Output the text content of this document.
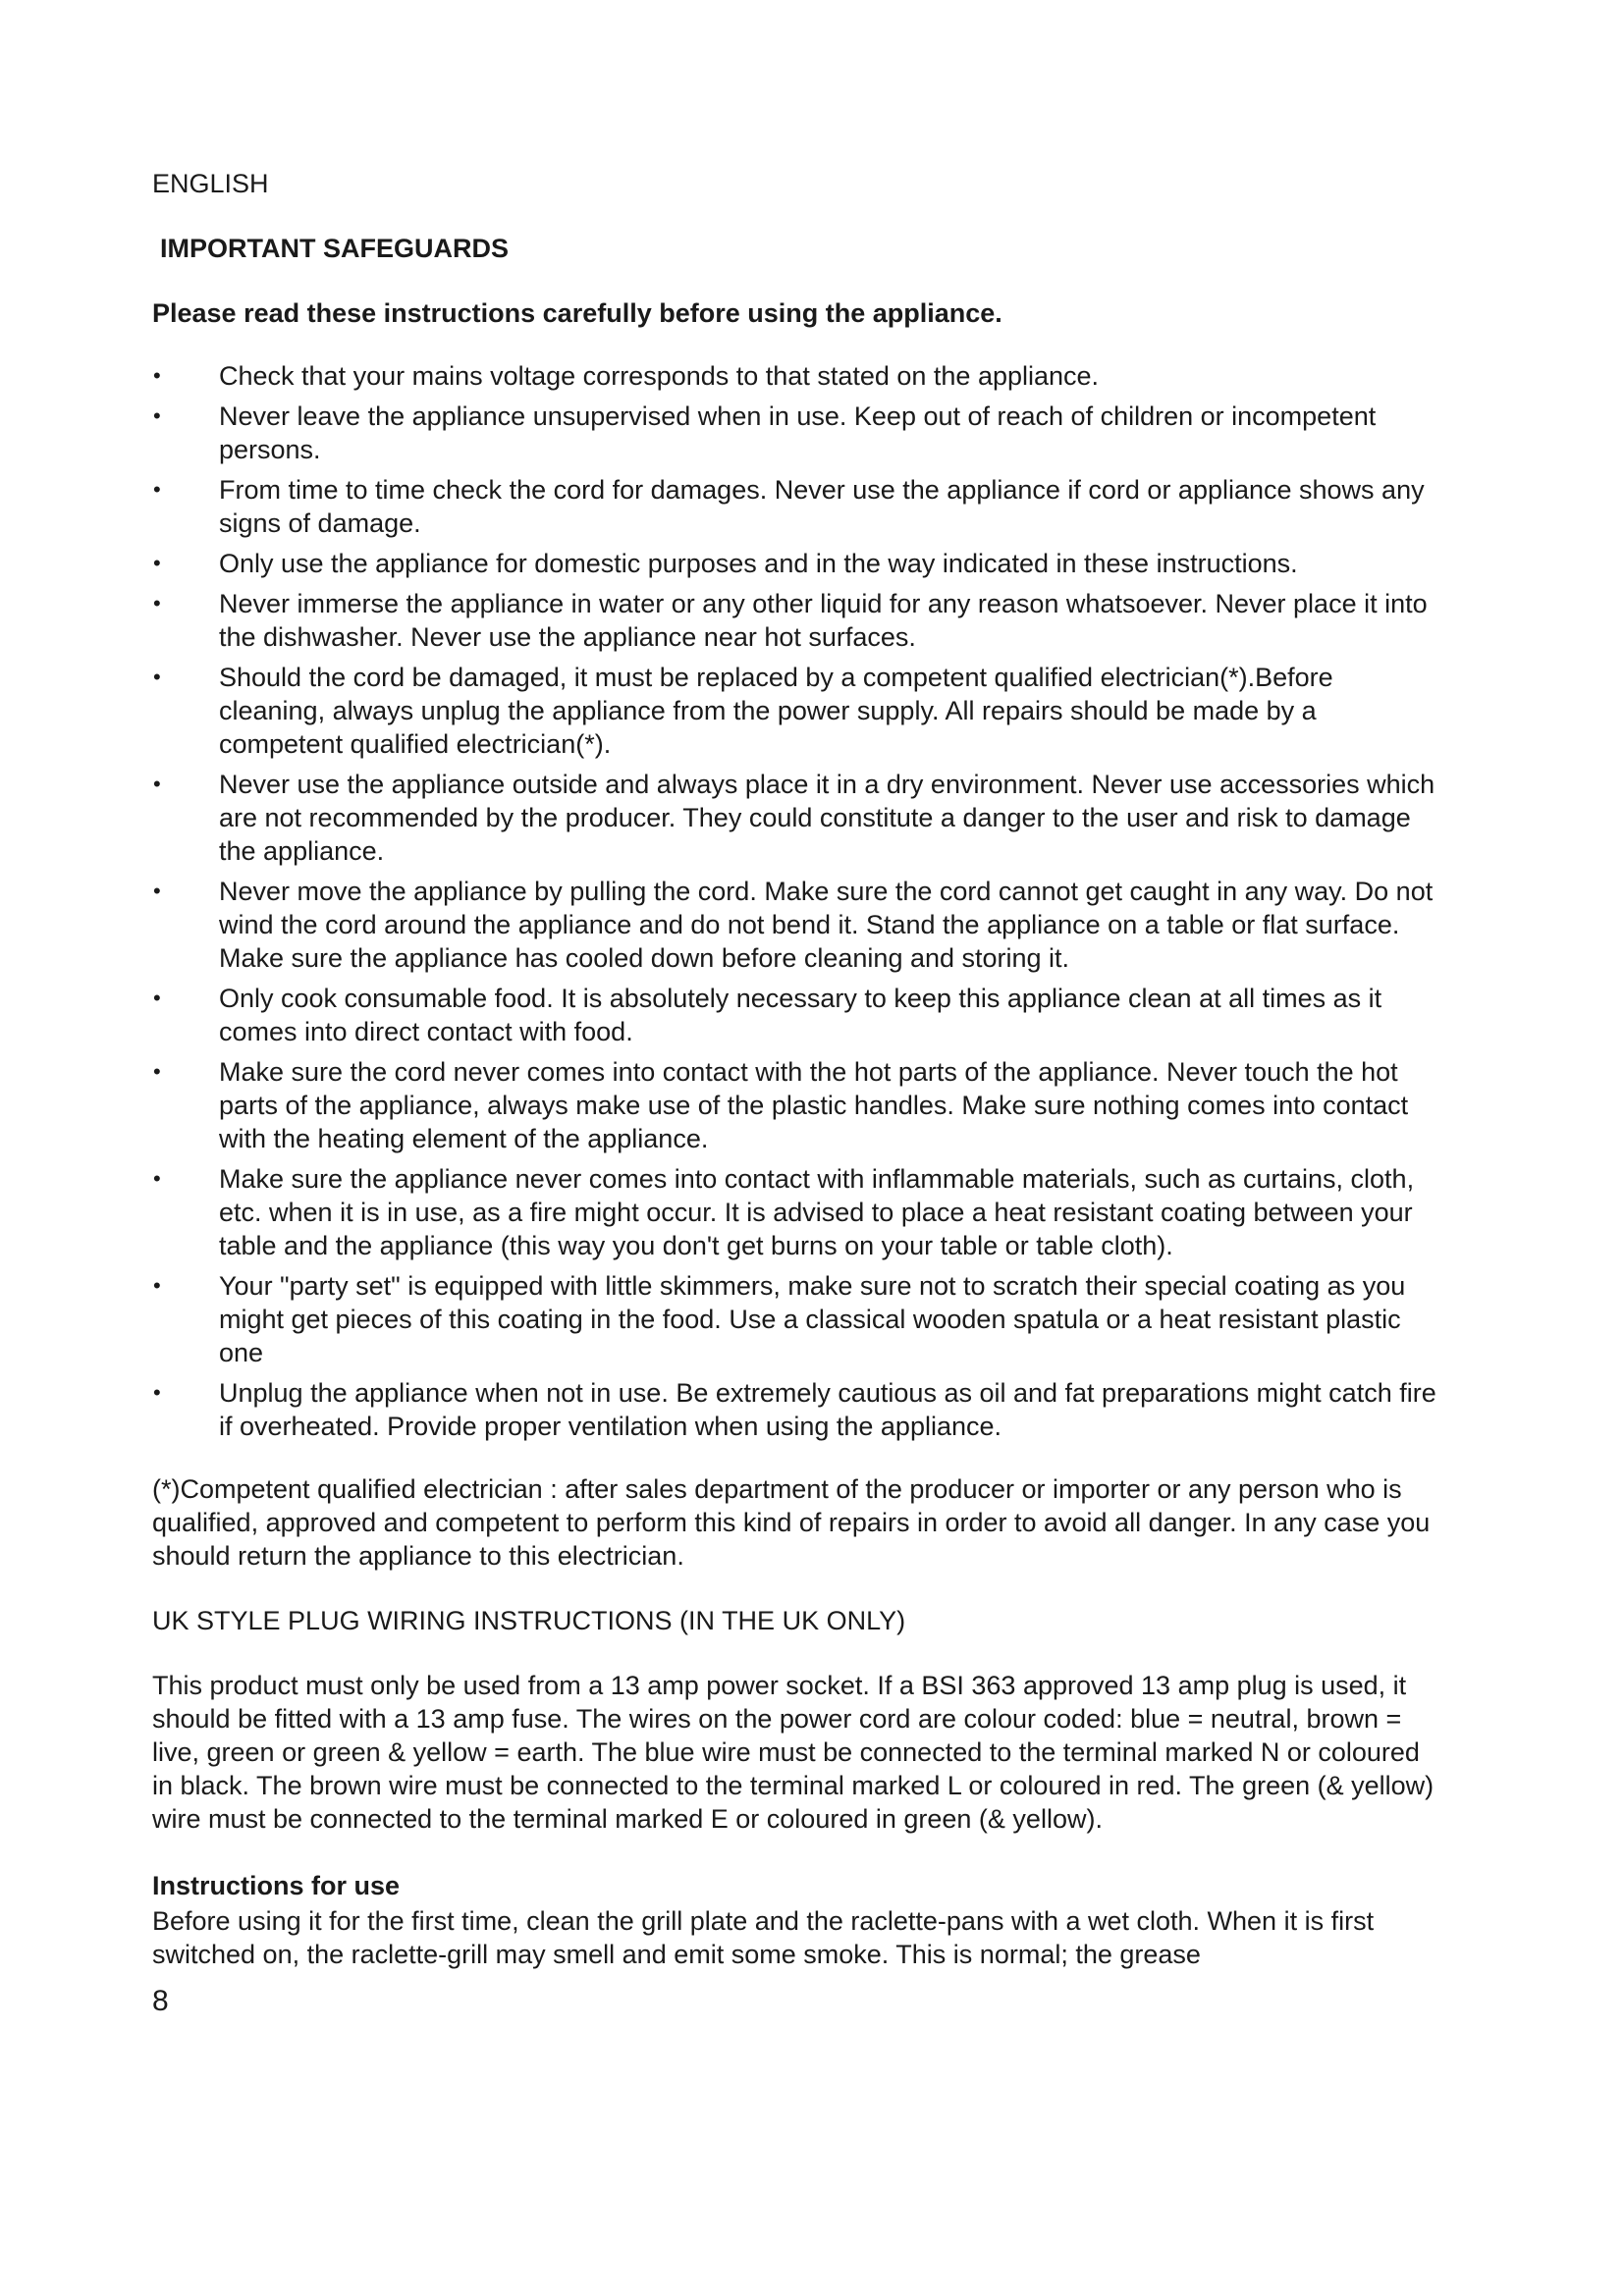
ENGLISH
IMPORTANT SAFEGUARDS
Please read these instructions carefully before using the appliance.
• Check that your mains voltage corresponds to that stated on the appliance.
• Never leave the appliance unsupervised when in use. Keep out of reach of children or incompetent persons.
• From time to time check the cord for damages. Never use the appliance if cord or appliance shows any signs of damage.
• Only use the appliance for domestic purposes and in the way indicated in these instructions.
• Never immerse the appliance in water or any other liquid for any reason whatsoever. Never place it into the dishwasher. Never use the appliance near hot surfaces.
• Should the cord be damaged, it must be replaced by a competent qualified electrician(*).Before cleaning, always unplug the appliance from the power supply. All repairs should be made by a competent qualified electrician(*).
• Never use the appliance outside and always place it in a dry environment. Never use accessories which are not recommended by the producer. They could constitute a danger to the user and risk to damage the appliance.
• Never move the appliance by pulling the cord. Make sure the cord cannot get caught in any way. Do not wind the cord around the appliance and do not bend it. Stand the appliance on a table or flat surface. Make sure the appliance has cooled down before cleaning and storing it.
• Only cook consumable food. It is absolutely necessary to keep this appliance clean at all times as it comes into direct contact with food.
• Make sure the cord never comes into contact with the hot parts of the appliance. Never touch the hot parts of the appliance, always make use of the plastic handles. Make sure nothing comes into contact with the heating element of the appliance.
• Make sure the appliance never comes into contact with inflammable materials, such as curtains, cloth, etc. when it is in use, as a fire might occur. It is advised to place a heat resistant coating between your table and the appliance (this way you don't get burns on your table or table cloth).
• Your "party set" is equipped with little skimmers, make sure not to scratch their special coating as you might get pieces of this coating in the food. Use a classical wooden spatula or a heat resistant plastic one
• Unplug the appliance when not in use. Be extremely cautious as oil and fat preparations might catch fire if overheated. Provide proper ventilation when using the appliance.

(*)Competent qualified electrician : after sales department of the producer or importer or any person who is qualified, approved and competent to perform this kind of repairs in order to avoid all danger. In any case you should return the appliance to this electrician.

UK STYLE PLUG WIRING INSTRUCTIONS (IN THE UK ONLY)

This product must only be used from a 13 amp power socket. If a BSI 363 approved 13 amp plug is used, it should be fitted with a 13 amp fuse. The wires on the power cord are colour coded: blue = neutral, brown = live, green or green & yellow = earth. The blue wire must be connected to the terminal marked N or coloured in black. The brown wire must be connected to the terminal marked L or coloured in red. The green (& yellow) wire must be connected to the terminal marked E or coloured in green (& yellow).

Instructions for use

Before using it for the first time, clean the grill plate and the raclette-pans with a wet cloth. When it is first switched on, the raclette-grill may smell and emit some smoke. This is normal; the grease

8
